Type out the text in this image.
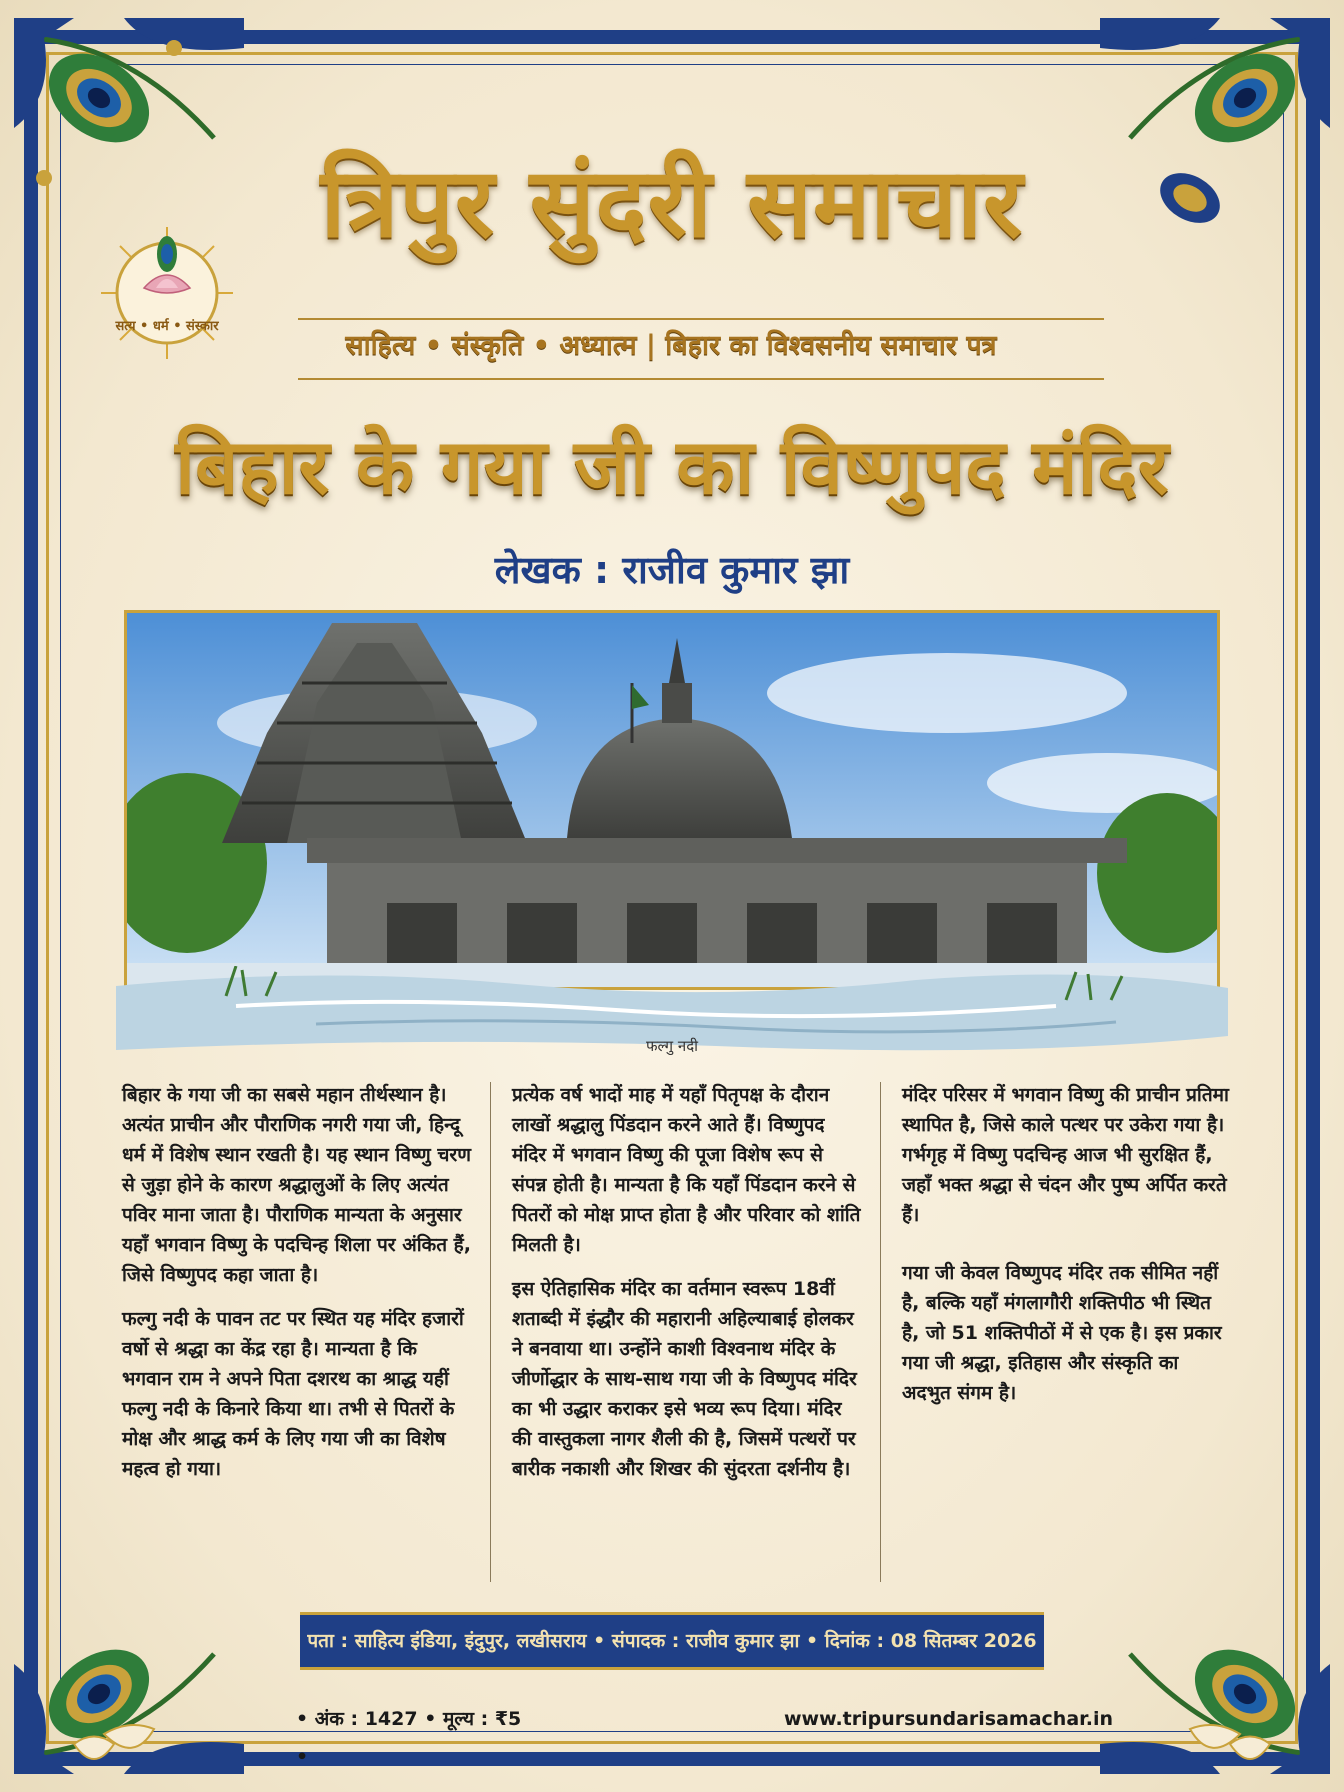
त्रिपुर सुंदरी समाचार
सत्य • धर्म • संस्कार
साहित्य • संस्कृति • अध्यात्म | बिहार का विश्वसनीय समाचार पत्र
बिहार के गया जी का विष्णुपद मंदिर
लेखक : राजीव कुमार झा
फल्गु नदी

बिहार के गया जी का सबसे महान तीर्थस्थान है। अत्यंत प्राचीन और पौराणिक नगरी गया जी, हिन्दू धर्म में विशेष स्थान रखती है। यह स्थान विष्णु चरण से जुड़ा होने के कारण श्रद्धालुओं के लिए अत्यंत पविर माना जाता है। पौराणिक मान्यता के अनुसार यहाँ भगवान विष्णु के पदचिन्ह शिला पर अंकित हैं, जिसे विष्णुपद कहा जाता है।

फल्गु नदी के पावन तट पर स्थित यह मंदिर हजारों वर्षो से श्रद्धा का केंद्र रहा है। मान्यता है कि भगवान राम ने अपने पिता दशरथ का श्राद्ध यहीं फल्गु नदी के किनारे किया था। तभी से पितरों के मोक्ष और श्राद्ध कर्म के लिए गया जी का विशेष महत्व हो गया।

प्रत्येक वर्ष भादों माह में यहाँ पितृपक्ष के दौरान लाखों श्रद्धालु पिंडदान करने आते हैं। विष्णुपद मंदिर में भगवान विष्णु की पूजा विशेष रूप से संपन्न होती है। मान्यता है कि यहाँ पिंडदान करने से पितरों को मोक्ष प्राप्त होता है और परिवार को शांति मिलती है।

इस ऐतिहासिक मंदिर का वर्तमान स्वरूप 18वीं शताब्दी में इंद्धौर की महारानी अहिल्याबाई होलकर ने बनवाया था। उन्होंने काशी विश्वनाथ मंदिर के जीर्णोद्धार के साथ-साथ गया जी के विष्णुपद मंदिर का भी उद्धार कराकर इसे भव्य रूप दिया। मंदिर की वास्तुकला नागर शैली की है, जिसमें पत्थरों पर बारीक नकाशी और शिखर की सुंदरता दर्शनीय है।

मंदिर परिसर में भगवान विष्णु की प्राचीन प्रतिमा स्थापित है, जिसे काले पत्थर पर उकेरा गया है। गर्भगृह में विष्णु पदचिन्ह आज भी सुरक्षित हैं, जहाँ भक्त श्रद्धा से चंदन और पुष्प अर्पित करते हैं।

गया जी केवल विष्णुपद मंदिर तक सीमित नहीं है, बल्कि यहाँ मंगलागौरी शक्तिपीठ भी स्थित है, जो 51 शक्तिपीठों में से एक है। इस प्रकार गया जी श्रद्धा, इतिहास और संस्कृति का अदभुत संगम है।

पता : साहित्य इंडिया, इंदुपुर, लखीसराय • संपादक : राजीव कुमार झा • दिनांक : 08 सितम्बर 2026
• अंक : 1427 • मूल्य : ₹5 •
www.tripursundarisamachar.in
